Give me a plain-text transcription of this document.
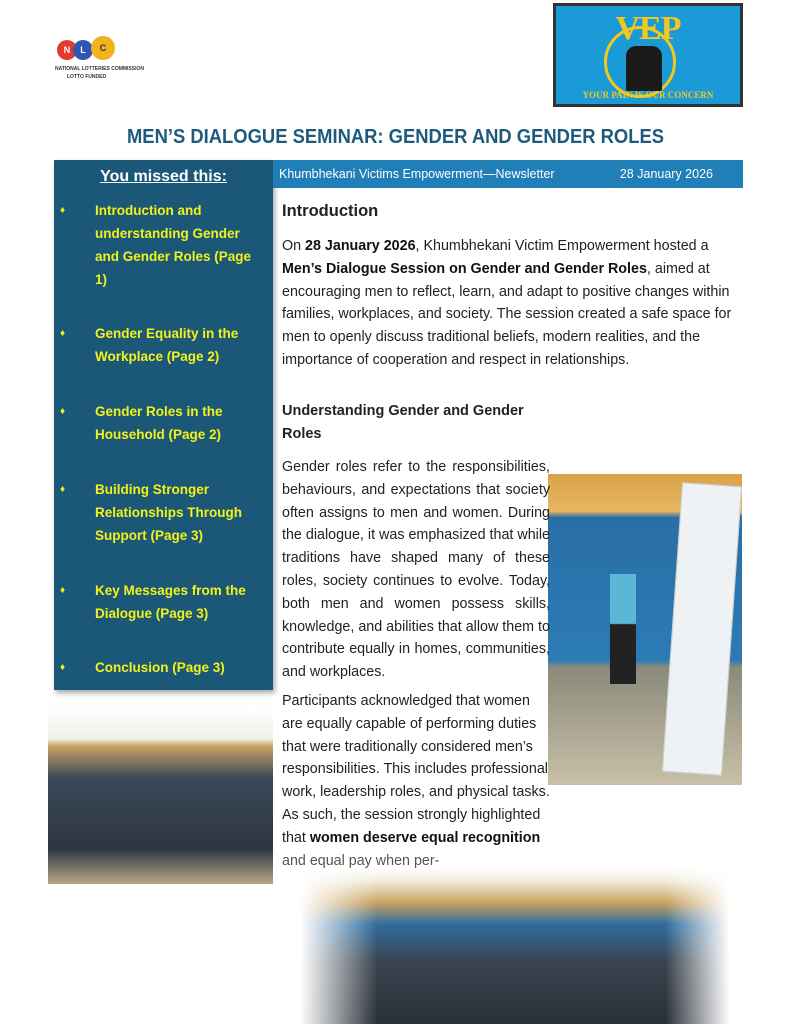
N	L	C
NATIONAL LOTTERIES COMMISSION
LOTTO FUNDED
VEP
YOUR PAIN IS OUR CONCERN
MEN’S DIALOGUE SEMINAR: GENDER AND GENDER ROLES
You missed this:
♦ Introduction and understanding Gender and Gender Roles (Page 1)
♦ Gender Equality in the Workplace (Page 2)
♦ Gender Roles in the Household (Page 2)
♦ Building Stronger Relationships Through Support (Page 3)
♦ Key Messages from the Dialogue (Page 3)
♦ Conclusion (Page 3)
Khumbhekani Victims Empowerment—Newsletter	28 January 2026
Introduction

On 28 January 2026, Khumbhekani Victim Empowerment hosted a Men’s Dialogue Session on Gender and Gender Roles, aimed at encouraging men to reflect, learn, and adapt to positive changes within families, workplaces, and society. The session created a safe space for men to openly discuss traditional beliefs, modern realities, and the importance of cooperation and respect in relationships.

Understanding Gender and Gender Roles

Gender roles refer to the responsibilities, behaviours, and expectations that society often assigns to men and women. During the dialogue, it was emphasized that while traditions have shaped many of these roles, society continues to evolve. Today, both men and women possess skills, knowledge, and abilities that allow them to contribute equally in homes, communities, and workplaces.

Participants acknowledged that women are equally capable of performing duties that were traditionally considered men’s responsibilities. This includes professional work, leadership roles, and physical tasks. As such, the session strongly highlighted that women deserve equal recognition and equal pay when per-
